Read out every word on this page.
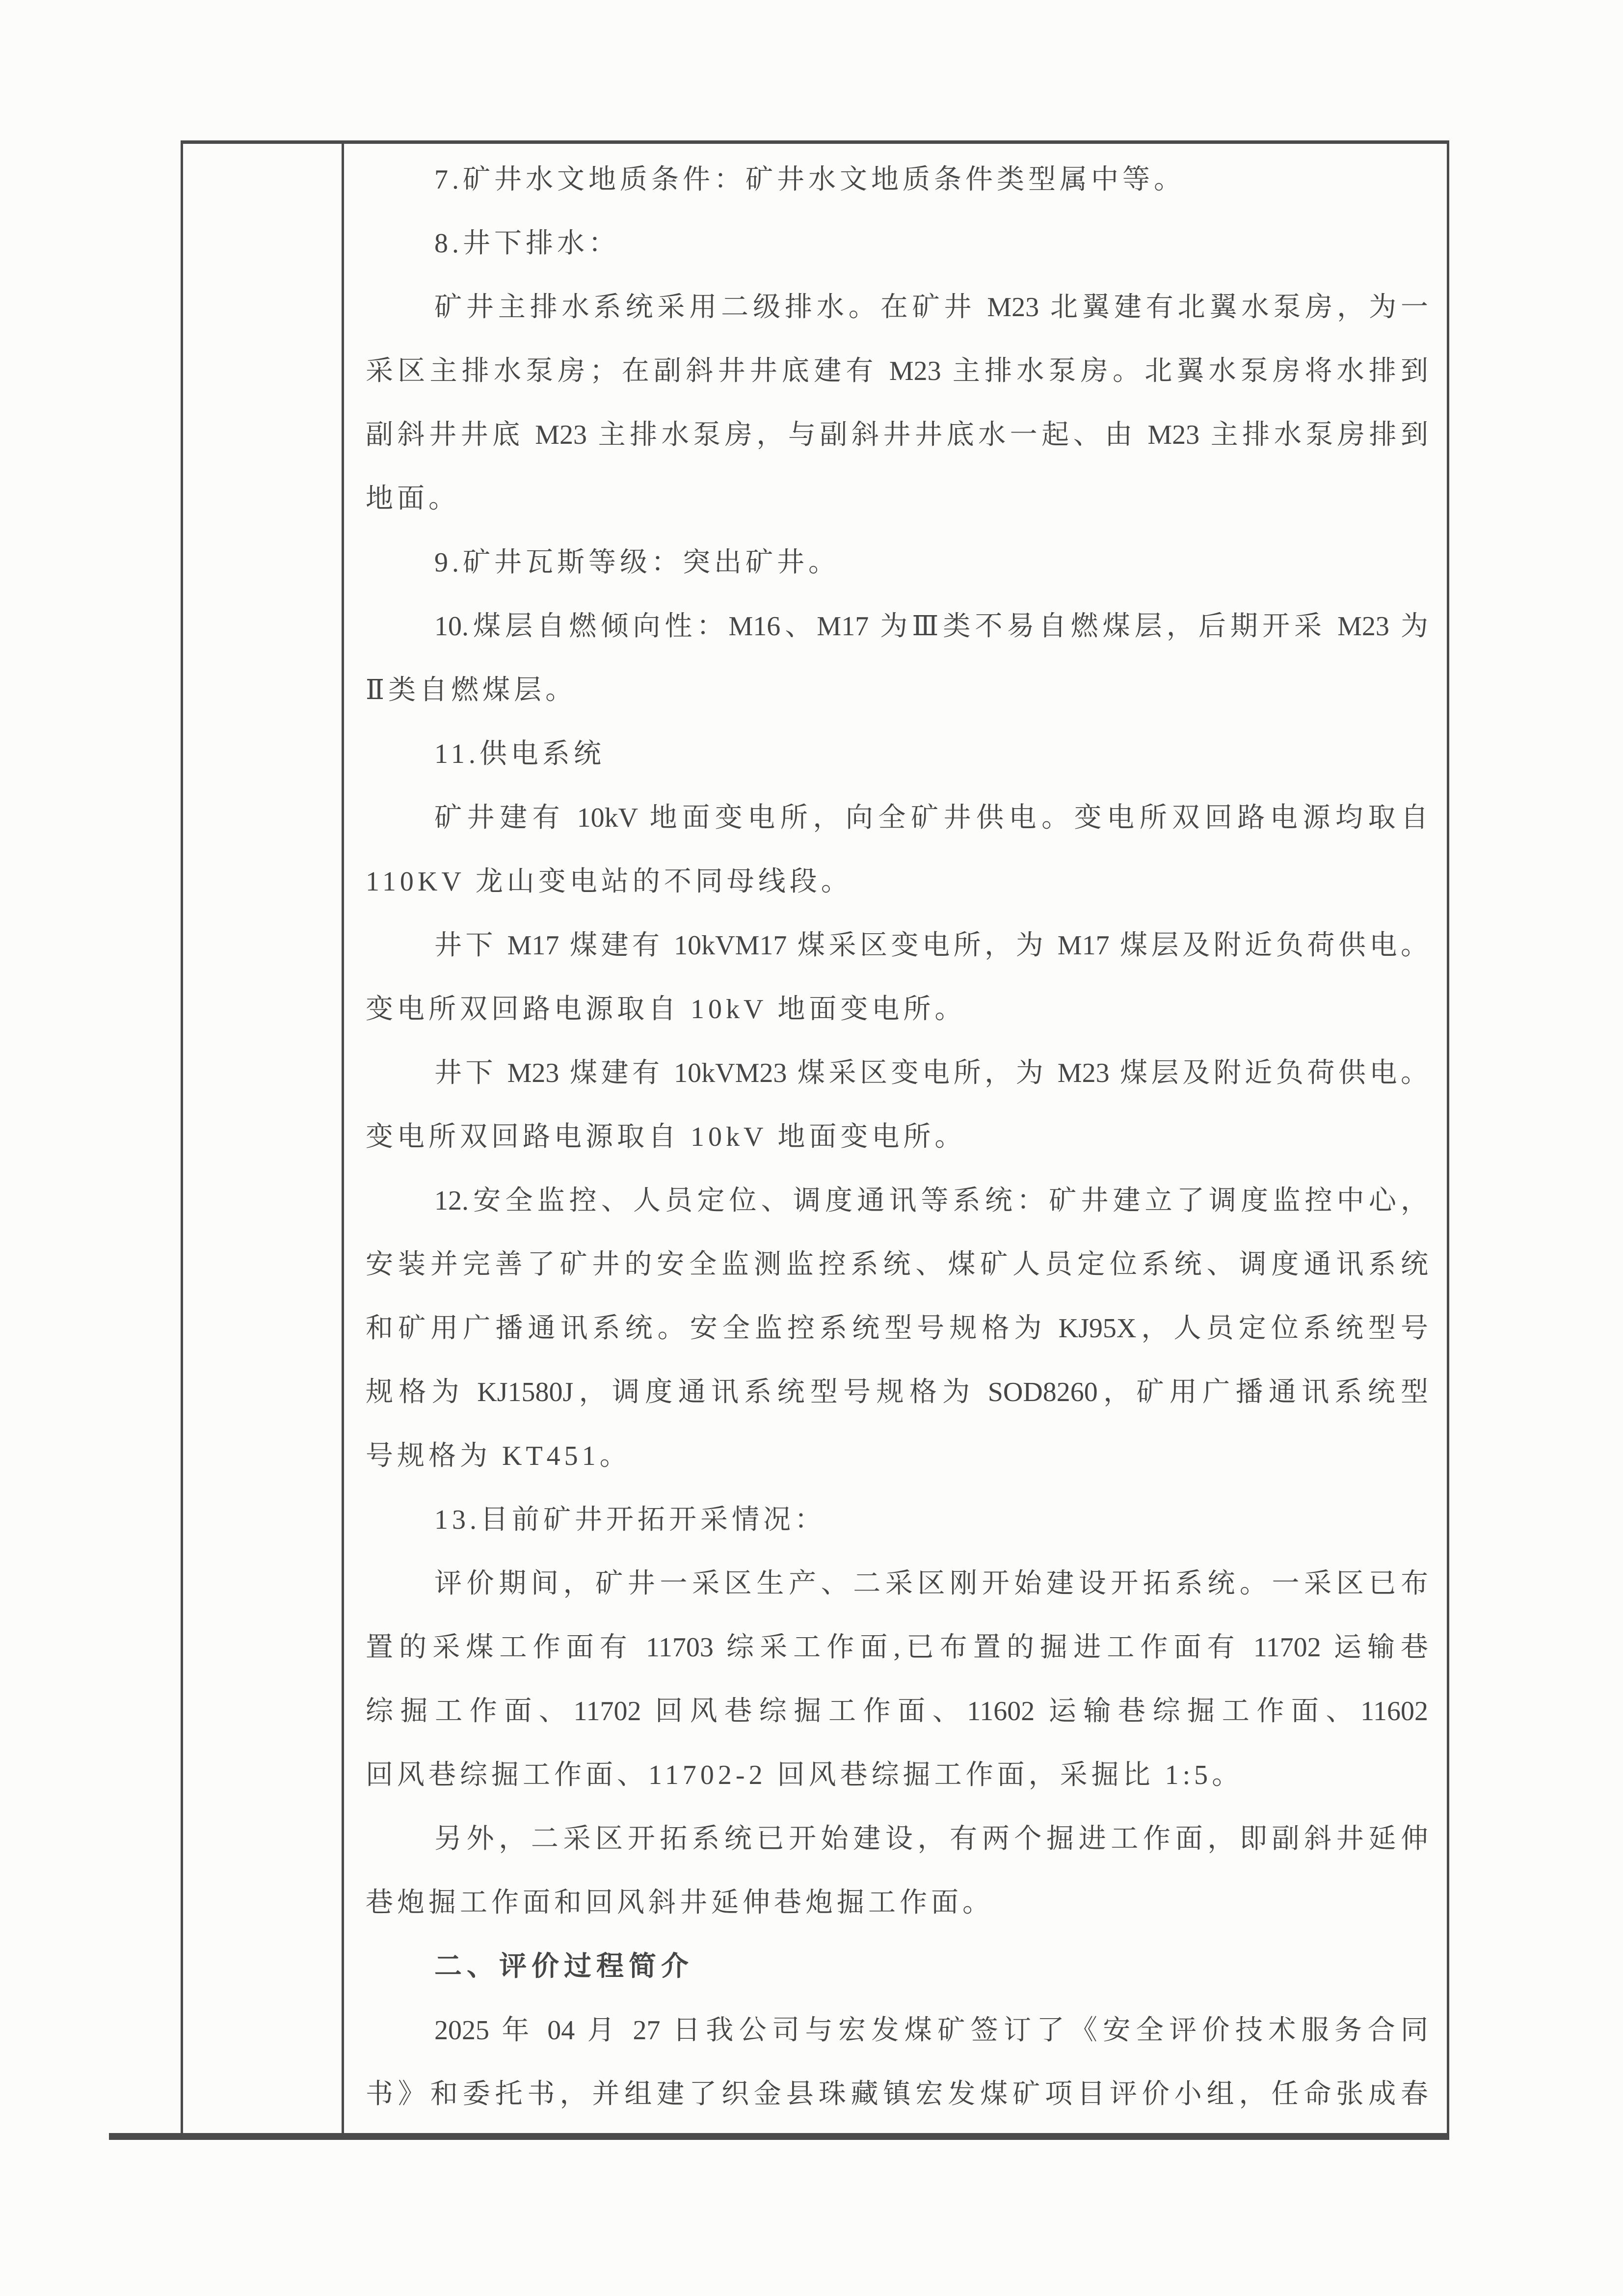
7.矿井水文地质条件：矿井水文地质条件类型属中等。
8.井下排水：
矿井主排水系统采用二级排水。在矿井 M23 北翼建有北翼水泵房，为一
采区主排水泵房；在副斜井井底建有 M23 主排水泵房。北翼水泵房将水排到
副斜井井底 M23 主排水泵房，与副斜井井底水一起、由 M23 主排水泵房排到
地面。
9.矿井瓦斯等级：突出矿井。
10.煤层自燃倾向性：M16、M17 为Ⅲ类不易自燃煤层，后期开采 M23 为
Ⅱ类自燃煤层。
11.供电系统
矿井建有 10kV 地面变电所，向全矿井供电。变电所双回路电源均取自
110KV 龙山变电站的不同母线段。
井下 M17 煤建有 10kVM17 煤采区变电所，为 M17 煤层及附近负荷供电。
变电所双回路电源取自 10kV 地面变电所。
井下 M23 煤建有 10kVM23 煤采区变电所，为 M23 煤层及附近负荷供电。
变电所双回路电源取自 10kV 地面变电所。
12.安全监控、人员定位、调度通讯等系统：矿井建立了调度监控中心，
安装并完善了矿井的安全监测监控系统、煤矿人员定位系统、调度通讯系统
和矿用广播通讯系统。安全监控系统型号规格为 KJ95X，人员定位系统型号
规格为 KJ1580J，调度通讯系统型号规格为 SOD8260，矿用广播通讯系统型
号规格为 KT451。
13.目前矿井开拓开采情况：
评价期间，矿井一采区生产、二采区刚开始建设开拓系统。一采区已布
置的采煤工作面有 11703 综采工作面,已布置的掘进工作面有 11702 运输巷
综掘工作面、11702 回风巷综掘工作面、11602 运输巷综掘工作面、11602
回风巷综掘工作面、11702-2 回风巷综掘工作面，采掘比 1:5。
另外，二采区开拓系统已开始建设，有两个掘进工作面，即副斜井延伸
巷炮掘工作面和回风斜井延伸巷炮掘工作面。
二、评价过程简介
2025 年 04 月 27 日我公司与宏发煤矿签订了《安全评价技术服务合同
书》和委托书，并组建了织金县珠藏镇宏发煤矿项目评价小组，任命张成春
